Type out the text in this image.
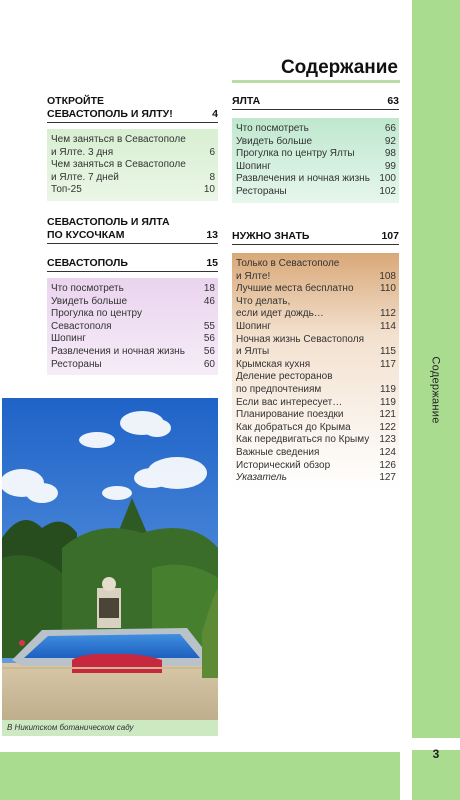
Содержание
3
Содержание
ОТКРОЙТЕ
СЕВАСТОПОЛЬ И ЯЛТУ!	4
Чем заняться в Севастополе
и Ялте. 3 дня	6
Чем заняться в Севастополе
и Ялте. 7 дней	8
Топ-25	10
СЕВАСТОПОЛЬ И ЯЛТА
ПО КУСОЧКАМ	13
СЕВАСТОПОЛЬ	15
Что посмотреть	18
Увидеть больше	46
Прогулка по центру
Севастополя	55
Шопинг	56
Развлечения и ночная жизнь 56
Рестораны	60
ЯЛТА	63
Что посмотреть	66
Увидеть больше	92
Прогулка по центру Ялты	98
Шопинг	99
Развлечения и ночная жизнь 100
Рестораны	102
НУЖНО ЗНАТЬ	107
Только в Севастополе
и Ялте!	108
Лучшие места бесплатно	110
Что делать,
если идет дождь…	112
Шопинг	114
Ночная жизнь Севастополя
и Ялты	115
Крымская кухня	117
Деление ресторанов
по предпочтениям	119
Если вас интересует…	119
Планирование поездки	121
Как добраться до Крыма	122
Как передвигаться по Крыму 123
Важные сведения	124
Исторический обзор	126
Указатель	127
В Никитском ботаническом саду
